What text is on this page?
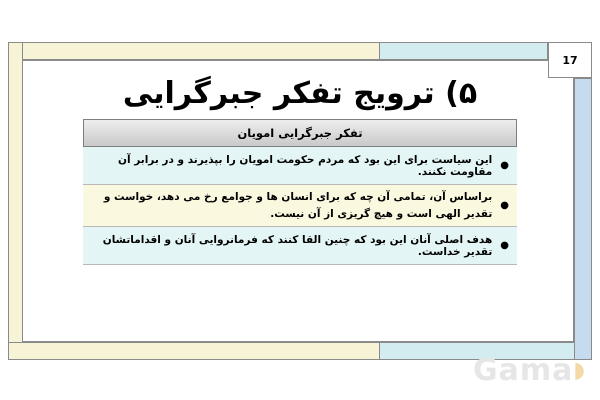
17
۵) ترویج تفکر جبرگرایی
تفکر جبرگرایی امویان
●
این سیاست برای این بود که مردم حکومت امویان را بپذیرند و در برابر آن مقاومت نکنند.
●
براساس آن، تمامی آن چه که برای انسان ها و جوامع رخ می دهد، خواست و تقدیر الهی است و هیچ گریزی از آن نیست.
●
هدف اصلی آنان این بود که چنین القا کنند که فرمانروایی آنان و اقداماتشان تقدیر خداست.
Gama ◗
